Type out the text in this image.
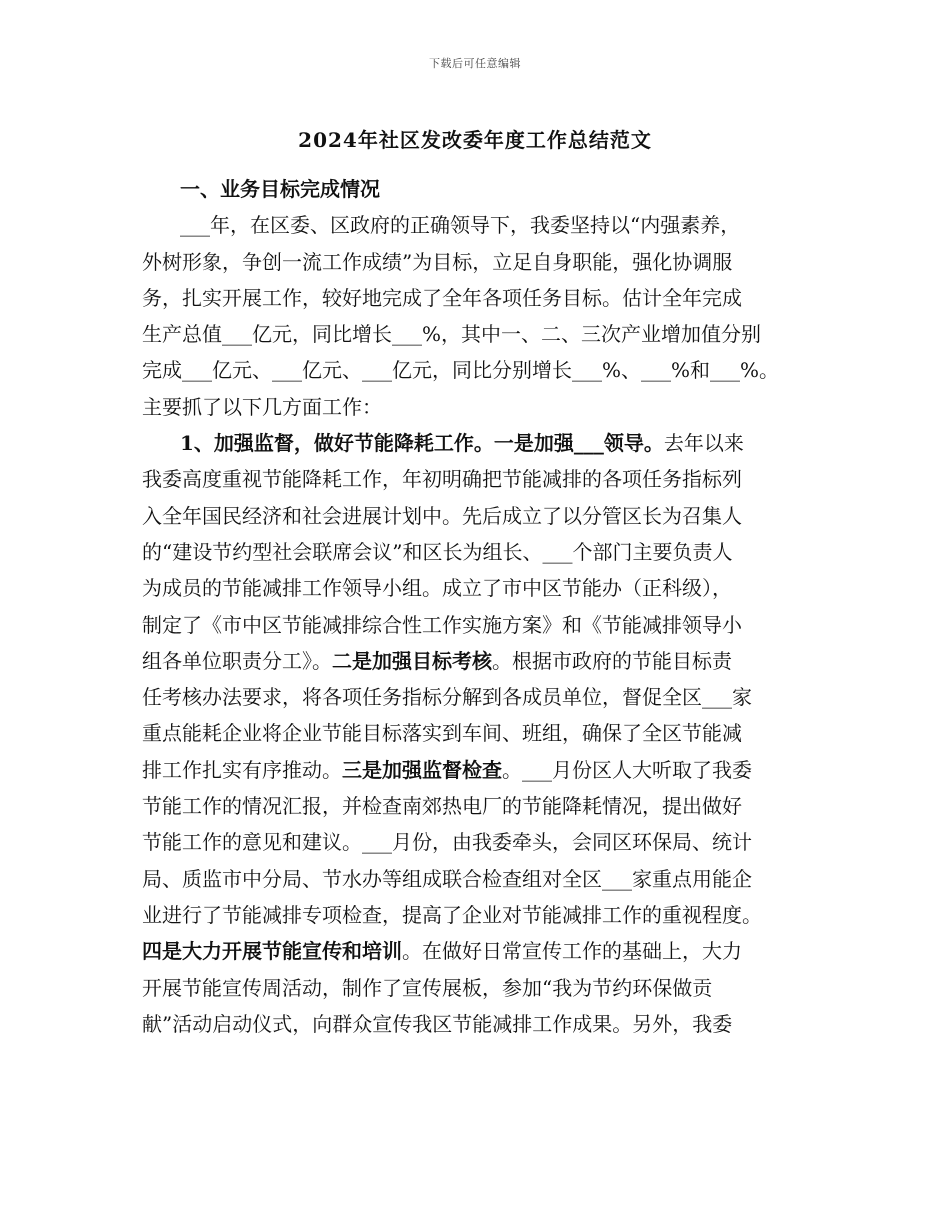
下载后可任意编辑
2024年社区发改委年度工作总结范文
一、业务目标完成情况
___年，在区委、区政府的正确领导下，我委坚持以“内强素养，
外树形象，争创一流工作成绩”为目标，立足自身职能，强化协调服
务，扎实开展工作，较好地完成了全年各项任务目标。估计全年完成
生产总值___亿元，同比增长___%，其中一、二、三次产业增加值分别
完成___亿元、___亿元、___亿元，同比分别增长___%、___%和___%。
主要抓了以下几方面工作：
1、加强监督，做好节能降耗工作。一是加强___领导。去年以来
我委高度重视节能降耗工作，年初明确把节能减排的各项任务指标列
入全年国民经济和社会进展计划中。先后成立了以分管区长为召集人
的“建设节约型社会联席会议”和区长为组长、___个部门主要负责人
为成员的节能减排工作领导小组。成立了市中区节能办（正科级），
制定了《市中区节能减排综合性工作实施方案》和《节能减排领导小
组各单位职责分工》。二是加强目标考核。根据市政府的节能目标责
任考核办法要求，将各项任务指标分解到各成员单位，督促全区___家
重点能耗企业将企业节能目标落实到车间、班组，确保了全区节能减
排工作扎实有序推动。三是加强监督检查。___月份区人大听取了我委
节能工作的情况汇报，并检查南郊热电厂的节能降耗情况，提出做好
节能工作的意见和建议。___月份，由我委牵头，会同区环保局、统计
局、质监市中分局、节水办等组成联合检查组对全区___家重点用能企
业进行了节能减排专项检查，提高了企业对节能减排工作的重视程度。
四是大力开展节能宣传和培训。在做好日常宣传工作的基础上，大力
开展节能宣传周活动，制作了宣传展板，参加“我为节约环保做贡
献”活动启动仪式，向群众宣传我区节能减排工作成果。另外，我委
